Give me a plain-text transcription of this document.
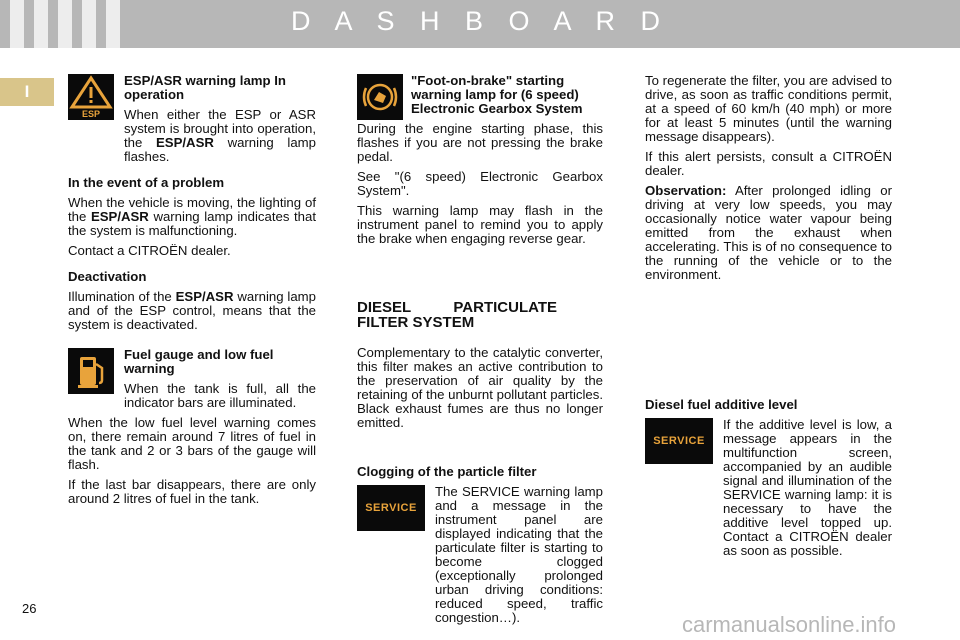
D A S H B O A R D
I
ESP

ESP/ASR warning lamp In operation

When either the ESP or ASR system is brought into operation, the ESP/ASR warning lamp flashes.

In the event of a problem

When the vehicle is moving, the lighting of the ESP/ASR warning lamp indicates that the system is malfunctioning.

Contact a CITROËN dealer.

Deactivation

Illumination of the ESP/ASR warning lamp and of the ESP control, means that the system is deactivated.

Fuel gauge and low fuel warning

When the tank is full, all the indicator bars are illuminated.

When the low fuel level warning comes on, there remain around 7 litres of fuel in the tank and 2 or 3 bars of the gauge will flash.

If the last bar disappears, there are only around 2 litres of fuel in the tank.

"Foot-on-brake" starting warning lamp for (6 speed) Electronic Gearbox System

During the engine starting phase, this flashes if you are not pressing the brake pedal.

See "(6 speed) Electronic Gearbox System".

This warning lamp may flash in the instrument panel to remind you to apply the brake when engaging reverse gear.

DIESEL PARTICULATE FILTER SYSTEM

Complementary to the catalytic converter, this filter makes an active contribution to the preservation of air quality by the retaining of the unburnt pollutant particles. Black exhaust fumes are thus no longer emitted.

Clogging of the particle filter

SERVICE

The SERVICE warning lamp and a message in the instrument panel are displayed indicating that the particulate filter is starting to become clogged (exceptionally prolonged urban driving conditions: reduced speed, traffic congestion…).

To regenerate the filter, you are advised to drive, as soon as traffic conditions permit, at a speed of 60 km/h (40 mph) or more for at least 5 minutes (until the warning message disappears).

If this alert persists, consult a CITROËN dealer.

Observation: After prolonged idling or driving at very low speeds, you may occasionally notice water vapour being emitted from the exhaust when accelerating. This is of no consequence to the running of the vehicle or to the environment.

Diesel fuel additive level

SERVICE

If the additive level is low, a message appears in the multifunction screen, accompanied by an audible signal and illumination of the SERVICE warning lamp: it is necessary to have the additive level topped up. Contact a CITROËN dealer as soon as possible.

26
carmanualsonline.info
